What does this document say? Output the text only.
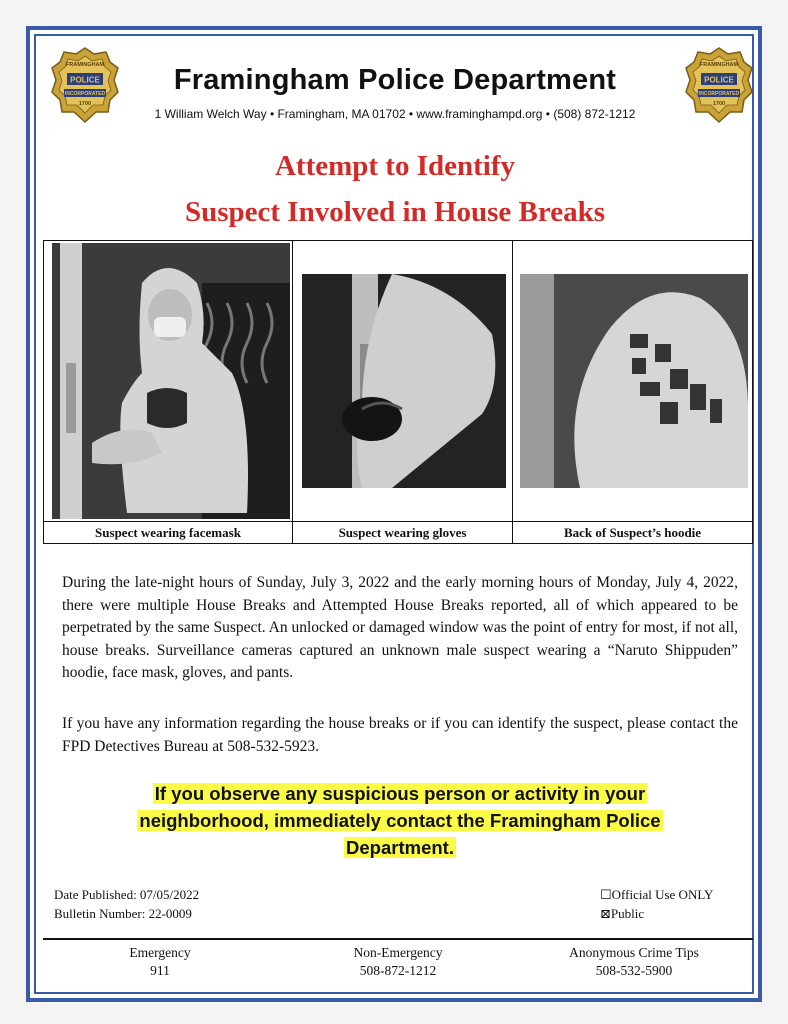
POLICE
FRAMINGHAM
INCORPORATED
1700
POLICE
FRAMINGHAM
INCORPORATED
1700
Framingham Police Department
1 William Welch Way • Framingham, MA 01702 • www.framinghampd.org • (508) 872-1212
Attempt to Identify
Suspect Involved in House Breaks
Suspect wearing facemask	Suspect wearing gloves	Back of Suspect’s hoodie
During the late-night hours of Sunday, July 3, 2022 and the early morning hours of Monday, July 4, 2022, there were multiple House Breaks and Attempted House Breaks reported, all of which appeared to be perpetrated by the same Suspect. An unlocked or damaged window was the point of entry for most, if not all, house breaks. Surveillance cameras captured an unknown male suspect wearing a “Naruto Shippuden” hoodie, face mask, gloves, and pants.
If you have any information regarding the house breaks or if you can identify the suspect, please contact the FPD Detectives Bureau at 508-532-5923.
If you observe any suspicious person or activity in your
neighborhood, immediately contact the Framingham Police
Department.
Date Published: 07/05/2022
Bulletin Number: 22-0009
☐Official Use ONLY
⊠Public
Emergency
911
Non-Emergency
508-872-1212
Anonymous Crime Tips
508-532-5900
